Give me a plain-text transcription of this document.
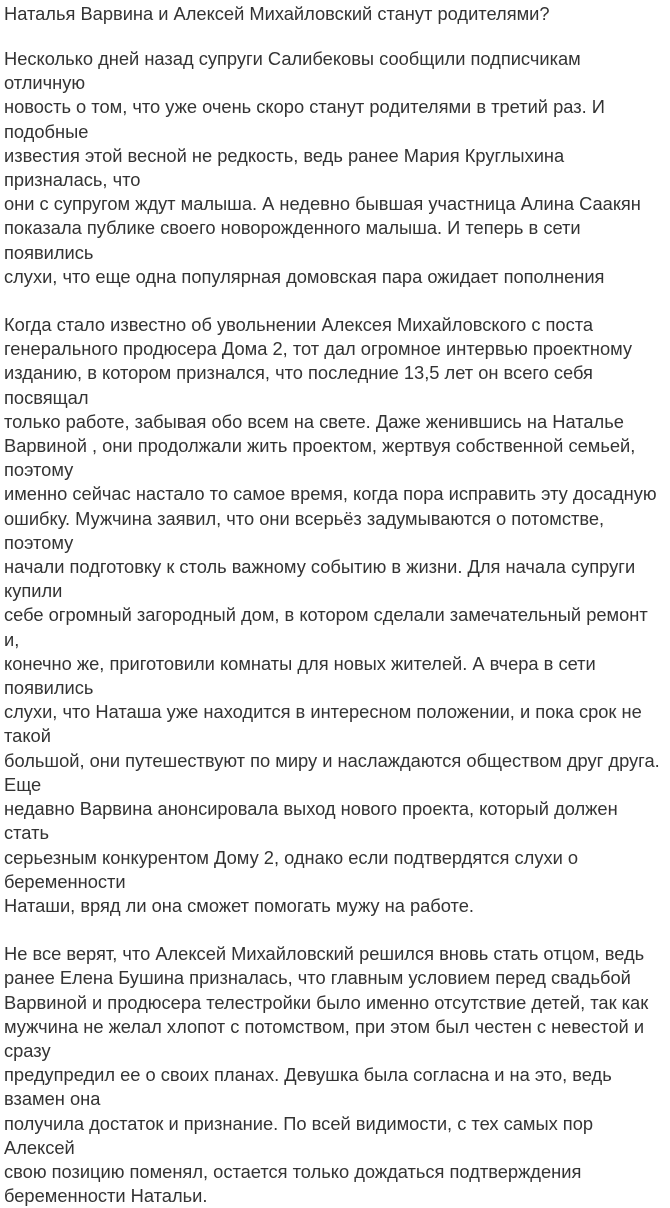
Наталья Варвина и Алексей Михайловский станут родителями?

Несколько дней назад супруги Салибековы сообщили подписчикам отличную
новость о том, что уже очень скоро станут родителями в третий раз. И подобные
известия этой весной не редкость, ведь ранее Мария Круглыхина призналась, что
они с супругом ждут малыша. А недевно бывшая участница Алина Саакян
показала публике своего новорожденного малыша. И теперь в сети появились
слухи, что еще одна популярная домовская пара ожидает пополнения

Когда стало известно об увольнении Алексея Михайловского с поста
генерального продюсера Дома 2, тот дал огромное интервью проектному
изданию, в котором признался, что последние 13,5 лет он всего себя посвящал
только работе, забывая обо всем на свете. Даже женившись на Наталье
Варвиной , они продолжали жить проектом, жертвуя собственной семьей, поэтому
именно сейчас настало то самое время, когда пора исправить эту досадную
ошибку. Мужчина заявил, что они всерьёз задумываются о потомстве, поэтому
начали подготовку к столь важному событию в жизни. Для начала супруги купили
себе огромный загородный дом, в котором сделали замечательный ремонт и,
конечно же, приготовили комнаты для новых жителей. А вчера в сети появились
слухи, что Наташа уже находится в интересном положении, и пока срок не такой
большой, они путешествуют по миру и наслаждаются обществом друг друга. Еще
недавно Варвина анонсировала выход нового проекта, который должен стать
серьезным конкурентом Дому 2, однако если подтвердятся слухи о беременности
Наташи, вряд ли она сможет помогать мужу на работе.

Не все верят, что Алексей Михайловский решился вновь стать отцом, ведь
ранее Елена Бушина призналась, что главным условием перед свадьбой
Варвиной и продюсера телестройки было именно отсутствие детей, так как
мужчина не желал хлопот с потомством, при этом был честен с невестой и сразу
предупредил ее о своих планах. Девушка была согласна и на это, ведь взамен она
получила достаток и признание. По всей видимости, с тех самых пор Алексей
свою позицию поменял, остается только дождаться подтверждения
беременности Натальи.
